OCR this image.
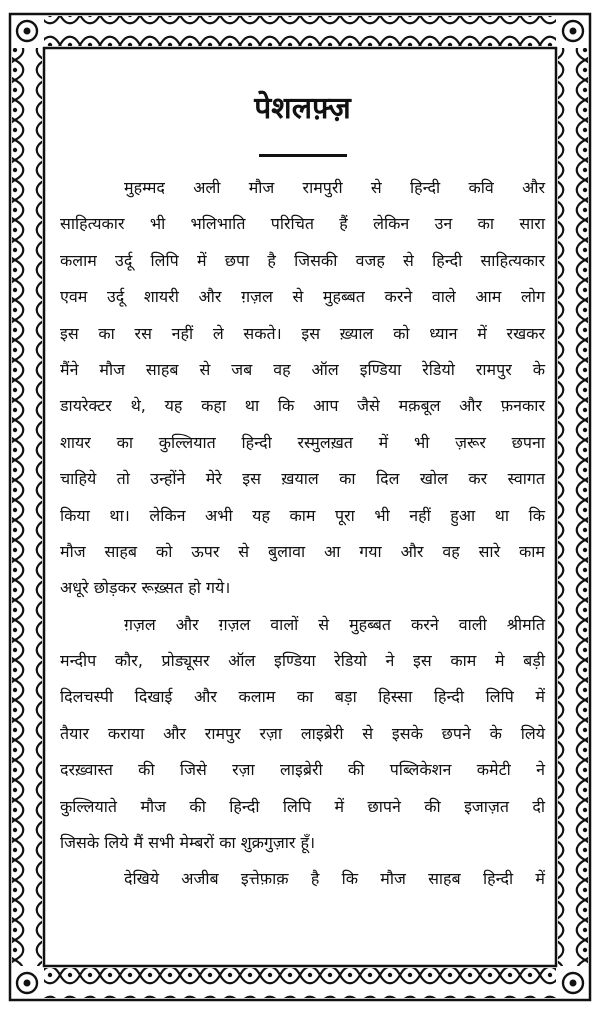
पेशलफ़्ज़
मुहम्मद अली मौज रामपुरी से हिन्दी कवि और
साहित्यकार भी भलिभाति परिचित हैं लेकिन उन का सारा
कलाम उर्दू लिपि में छपा है जिसकी वजह से हिन्दी साहित्यकार
एवम उर्दू शायरी और ग़ज़ल से मुहब्बत करने वाले आम लोग
इस का रस नहीं ले सकते। इस ख़्याल को ध्यान में रखकर
मैंने मौज साहब से जब वह ऑल इण्डिया रेडियो रामपुर के
डायरेक्टर थे, यह कहा था कि आप जैसे मक़बूल और फ़नकार
शायर का कुल्लियात हिन्दी रस्मुलख़त में भी ज़रूर छपना
चाहिये तो उन्होंने मेरे इस ख़याल का दिल खोल कर स्वागत
किया था। लेकिन अभी यह काम पूरा भी नहीं हुआ था कि
मौज साहब को ऊपर से बुलावा आ गया और वह सारे काम
अधूरे छोड़कर रूख़्सत हो गये।
ग़ज़ल और ग़ज़ल वालों से मुहब्बत करने वाली श्रीमति
मन्दीप कौर, प्रोड्यूसर ऑल इण्डिया रेडियो ने इस काम मे बड़ी
दिलचस्पी दिखाई और कलाम का बड़ा हिस्सा हिन्दी लिपि में
तैयार कराया और रामपुर रज़ा लाइब्रेरी से इसके छपने के लिये
दरख़्वास्त की जिसे रज़ा लाइब्रेरी की पब्लिकेशन कमेटी ने
कुल्लियाते मौज की हिन्दी लिपि में छापने की इजाज़त दी
जिसके लिये मैं सभी मेम्बरों का शुक्रगुज़ार हूँ।
देखिये अजीब इत्तेफ़ाक़ है कि मौज साहब हिन्दी में
